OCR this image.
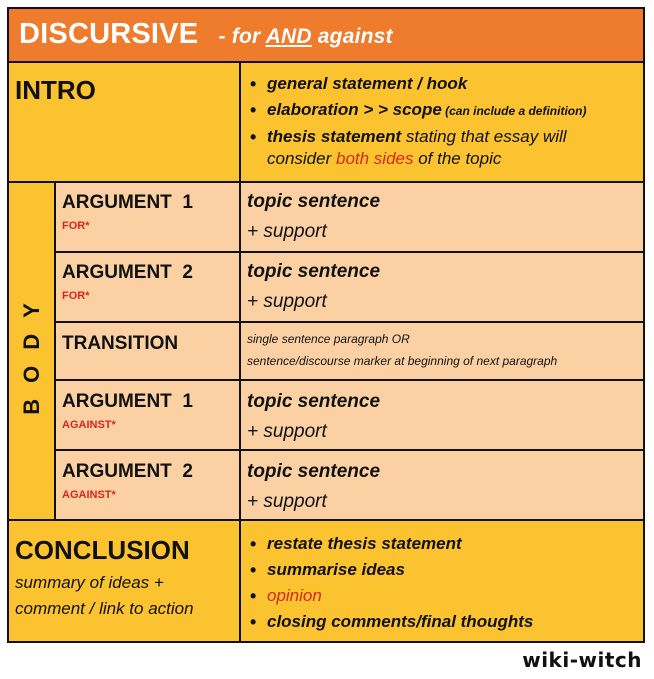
DISCURSIVE - for AND against
INTRO
•	general statement / hook
• elaboration > > scope (can include a definition)
• thesis statement stating that essay will
consider both sides of the topic
BODY
ARGUMENT  1
FOR*
topic sentence
+ support
ARGUMENT  2
FOR*
topic sentence
+ support
TRANSITION	single sentence paragraph OR
sentence/discourse marker at beginning of next paragraph
ARGUMENT  1
AGAINST*
topic sentence
+ support
ARGUMENT  2
AGAINST*
topic sentence
+ support
CONCLUSION
summary of ideas +
comment / link to action
• restate thesis statement
• summarise ideas
• opinion
• closing comments/final thoughts
wiki-witch
